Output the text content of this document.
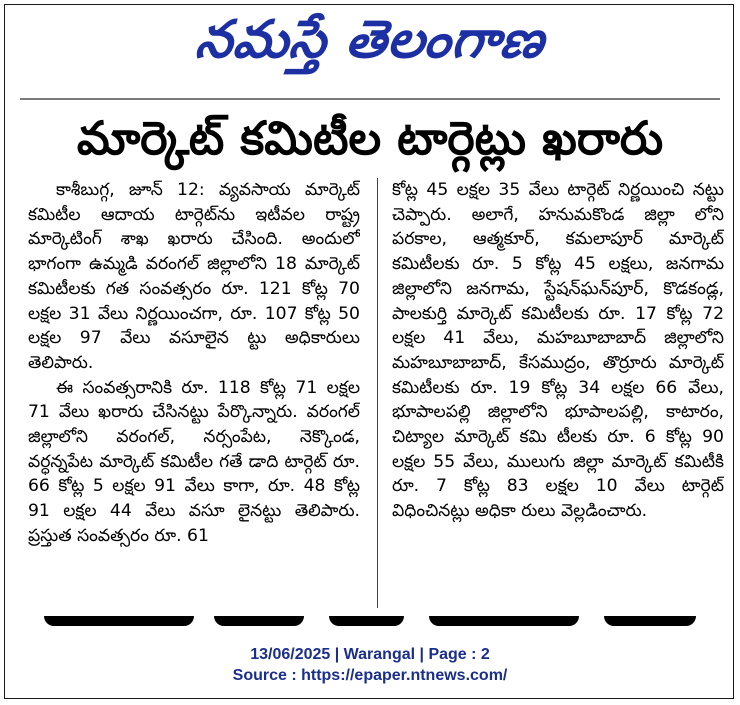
నమస్తే తెలంగాణ
మార్కెట్ కమిటీల టార్గెట్లు ఖరారు

కాశీబుగ్గ, జూన్ 12: వ్యవసాయ మార్కెట్ కమిటీల ఆదాయ టార్గెట్‌ను ఇటీవల రాష్ట్ర మార్కెటింగ్ శాఖ ఖరారు చేసింది. అందులో భాగంగా ఉమ్మడి వరంగల్ జిల్లాలోని 18 మార్కెట్ కమిటీలకు గత సంవత్సరం రూ. 121 కోట్ల 70 లక్షల 31 వేలు నిర్ణయించగా, రూ. 107 కోట్ల 50 లక్షల 97 వేలు వసూలైన ట్టు అధికారులు తెలిపారు.

ఈ సంవత్సరానికి రూ. 118 కోట్ల 71 లక్షల 71 వేలు ఖరారు చేసినట్టు పేర్కొన్నారు. వరంగల్ జిల్లాలోని వరంగల్, నర్సంపేట, నెక్కొండ, వర్ధన్నపేట మార్కెట్ కమిటీల గతే డాది టార్గెట్ రూ. 66 కోట్ల 5 లక్షల 91 వేలు కాగా, రూ. 48 కోట్ల 91 లక్షల 44 వేలు వసూ లైనట్టు తెలిపారు. ప్రస్తుత సంవత్సరం రూ. 61

కోట్ల 45 లక్షల 35 వేలు టార్గెట్ నిర్ణయించి నట్టు చెప్పారు. అలాగే, హనుమకొండ జిల్లా లోని పరకాల, ఆత్మకూర్, కమలాపూర్ మార్కెట్ కమిటీలకు రూ. 5 కోట్ల 45 లక్షలు, జనగామ జిల్లాలోని జనగామ, స్టేషన్‌ఘన్‌పూర్, కొడకండ్ల, పాలకుర్తి మార్కెట్ కమిటీలకు రూ. 17 కోట్ల 72 లక్షల 41 వేలు, మహబూబాబాద్ జిల్లాలోని మహబూబాబాద్, కేసముద్రం, తొర్రూరు మార్కెట్ కమిటీలకు రూ. 19 కోట్ల 34 లక్షల 66 వేలు, భూపాలపల్లి జిల్లాలోని భూపాలపల్లి, కాటారం, చిట్యాల మార్కెట్ కమి టీలకు రూ. 6 కోట్ల 90 లక్షల 55 వేలు, ములుగు జిల్లా మార్కెట్ కమిటీకి రూ. 7 కోట్ల 83 లక్షల 10 వేలు టార్గెట్ విధించినట్లు అధికా రులు వెల్లడించారు.

13/06/2025 | Warangal | Page : 2
Source : https://epaper.ntnews.com/
